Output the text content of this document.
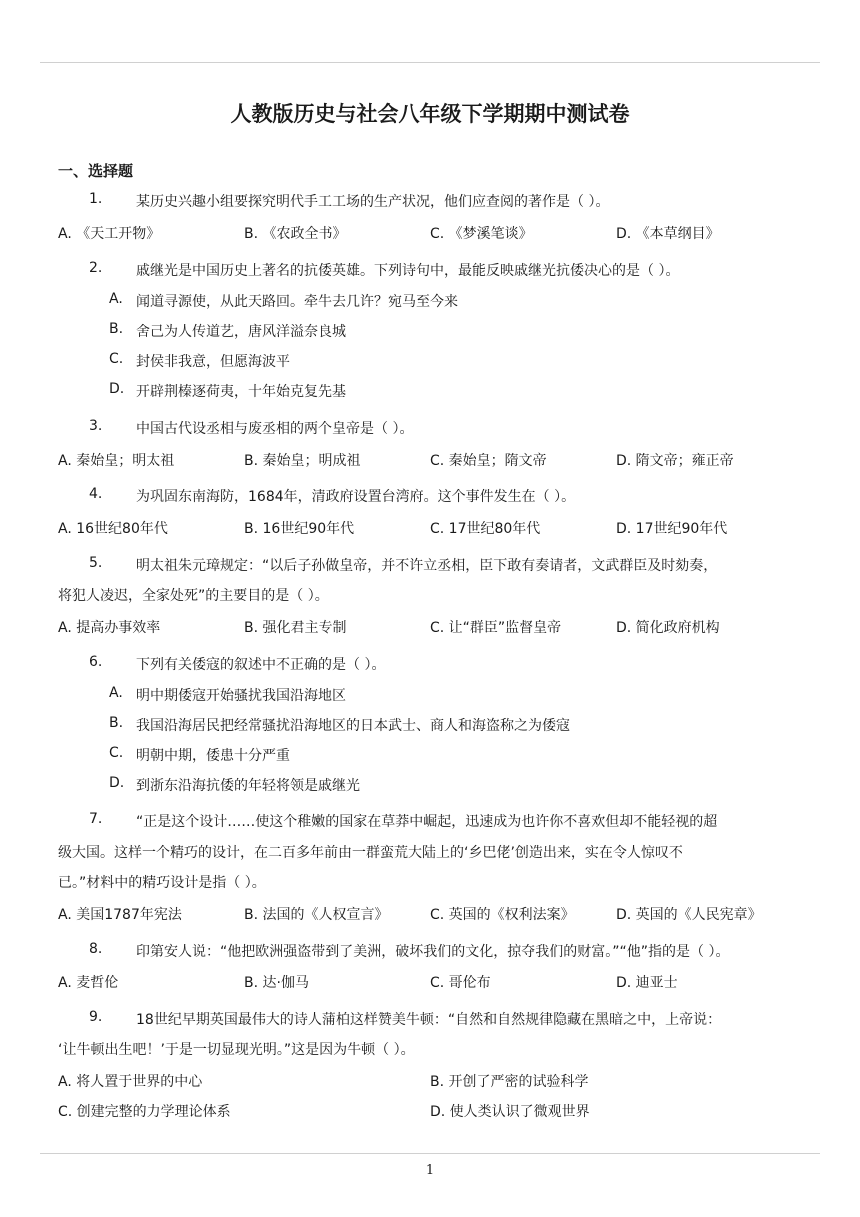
人教版历史与社会八年级下学期期中测试卷
一、选择题
1. 某历史兴趣小组要探究明代手工工场的生产状况，他们应查阅的著作是（ ）。
A. 《天工开物》	B. 《农政全书》	C. 《梦溪笔谈》	D. 《本草纲目》
2. 戚继光是中国历史上著名的抗倭英雄。下列诗句中，最能反映戚继光抗倭决心的是（ ）。
A. 闻道寻源使，从此天路回。牵牛去几许？宛马至今来
B. 舍己为人传道艺，唐风洋溢奈良城
C. 封侯非我意，但愿海波平
D. 开辟荆榛逐荷夷，十年始克复先基
3. 中国古代设丞相与废丞相的两个皇帝是（ ）。
A. 秦始皇；明太祖	B. 秦始皇；明成祖	C. 秦始皇；隋文帝	D. 隋文帝；雍正帝
4. 为巩固东南海防，1684年，清政府设置台湾府。这个事件发生在（ ）。
A. 16世纪80年代	B. 16世纪90年代	C. 17世纪80年代	D. 17世纪90年代
5. 明太祖朱元璋规定：“以后子孙做皇帝，并不许立丞相，臣下敢有奏请者，文武群臣及时劾奏，
将犯人凌迟，全家处死”的主要目的是（ ）。
A. 提高办事效率	B. 强化君主专制	C. 让“群臣”监督皇帝	D. 简化政府机构
6. 下列有关倭寇的叙述中不正确的是（ ）。
A. 明中期倭寇开始骚扰我国沿海地区
B. 我国沿海居民把经常骚扰沿海地区的日本武士、商人和海盗称之为倭寇
C. 明朝中期，倭患十分严重
D. 到浙东沿海抗倭的年轻将领是戚继光
7. “正是这个设计……使这个稚嫩的国家在草莽中崛起，迅速成为也许你不喜欢但却不能轻视的超
级大国。这样一个精巧的设计，在二百多年前由一群蛮荒大陆上的‘乡巴佬’创造出来，实在令人惊叹不
已。”材料中的精巧设计是指（ ）。
A. 美国1787年宪法	B. 法国的《人权宣言》	C. 英国的《权利法案》	D. 英国的《人民宪章》
8. 印第安人说：“他把欧洲强盗带到了美洲，破坏我们的文化，掠夺我们的财富。”“他”指的是（ ）。
A. 麦哲伦	B. 达·伽马	C. 哥伦布	D. 迪亚士
9. 18世纪早期英国最伟大的诗人蒲柏这样赞美牛顿：“自然和自然规律隐藏在黑暗之中，上帝说：
‘让牛顿出生吧！’于是一切显现光明。”这是因为牛顿（ ）。
A. 将人置于世界的中心	B. 开创了严密的试验科学
C. 创建完整的力学理论体系	D. 使人类认识了微观世界
1
